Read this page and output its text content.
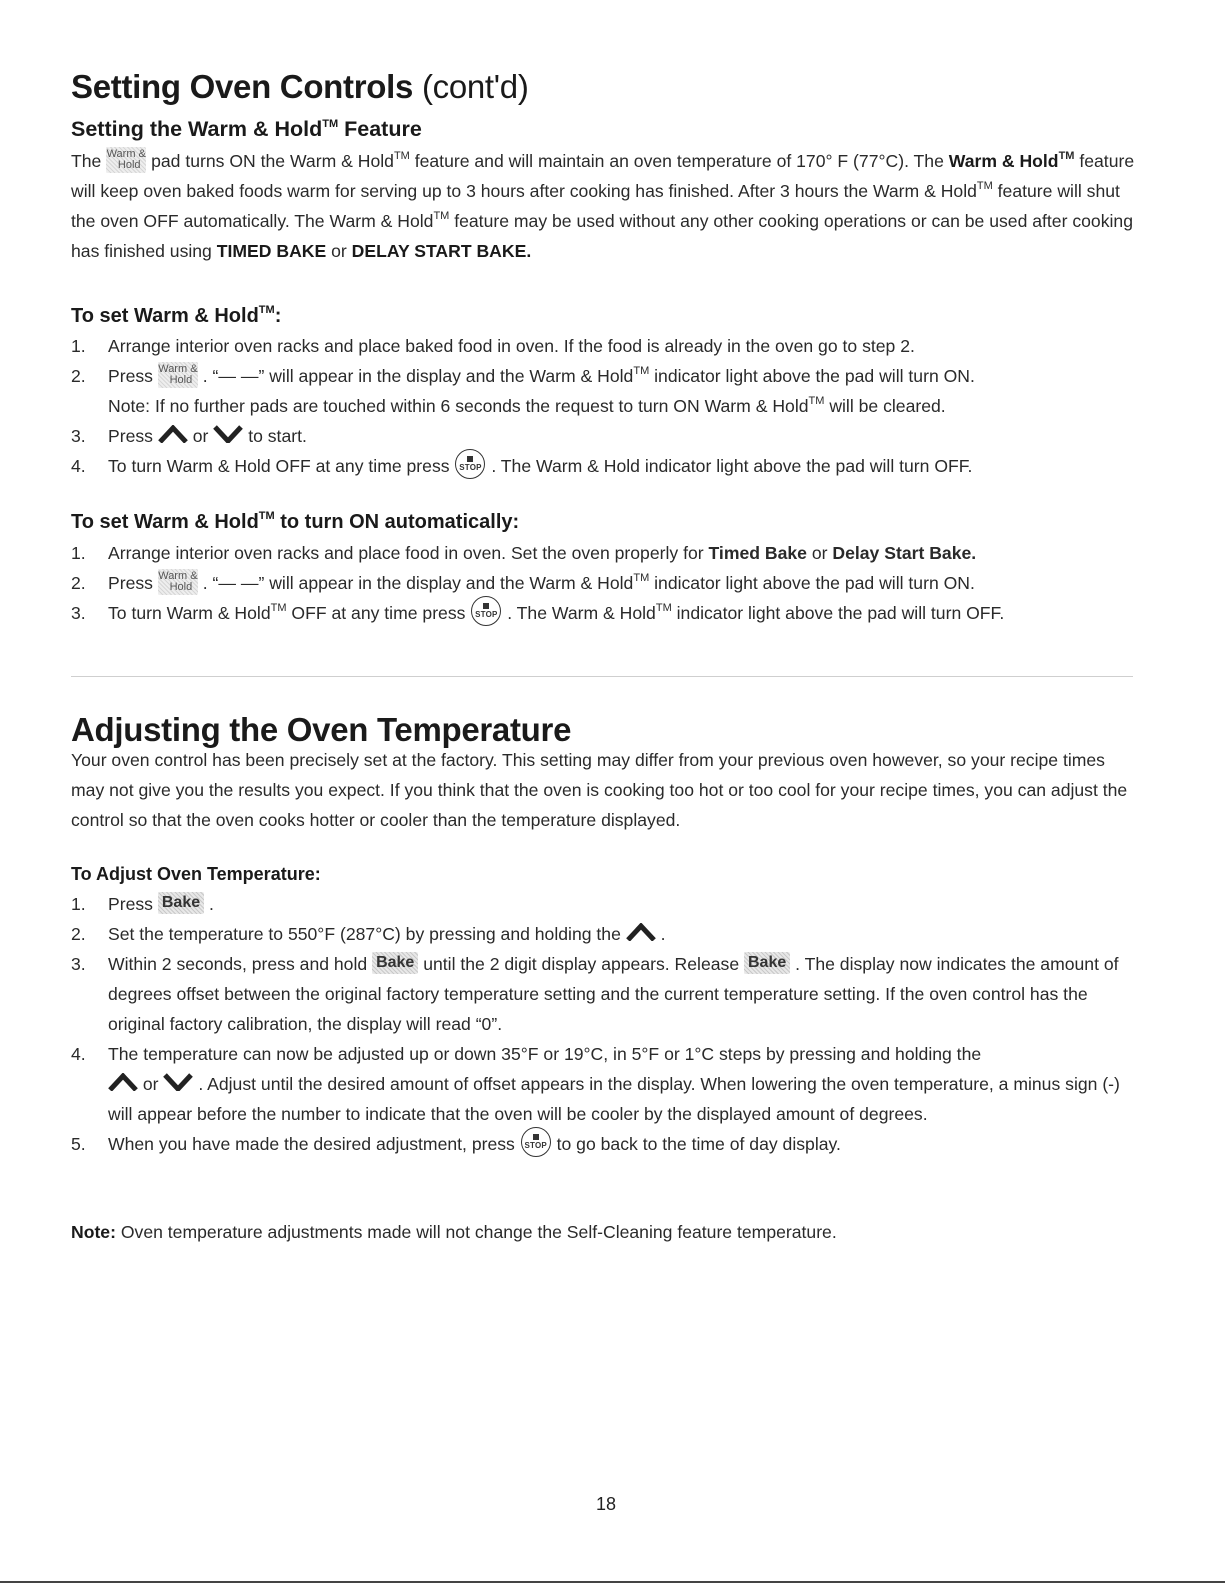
Setting Oven Controls (cont'd)
Setting the Warm & Hold™ Feature
The Warm &
Hold pad turns ON the Warm & Hold™ feature and will maintain an oven temperature of 170° F (77°C). The Warm & Hold™ feature will keep oven baked foods warm for serving up to 3 hours after cooking has finished. After 3 hours the Warm & Hold™ feature will shut the oven OFF automatically. The Warm & Hold™ feature may be used without any other cooking operations or can be used after cooking has finished using TIMED BAKE or DELAY START BAKE.
To set Warm & Hold™:
1. Arrange interior oven racks and place baked food in oven. If the food is already in the oven go to step 2.
2. Press Warm &
Hold . “— —” will appear in the display and the Warm & Hold™ indicator light above the pad will turn ON.
Note: If no further pads are touched within 6 seconds the request to turn ON Warm & Hold™ will be cleared.
3. Press or to start.
4. To turn Warm & Hold OFF at any time press	STOP . The Warm & Hold indicator light above the pad will turn OFF.
To set Warm & Hold™ to turn ON automatically:
1. Arrange interior oven racks and place food in oven. Set the oven properly for Timed Bake or Delay Start Bake.
2. Press Warm &
Hold . “— —” will appear in the display and the Warm & Hold™ indicator light above the pad will turn ON.
3. To turn Warm & Hold™ OFF at any time press	STOP . The Warm & Hold™ indicator light above the pad will turn OFF.
Adjusting the Oven Temperature
Your oven control has been precisely set at the factory. This setting may differ from your previous oven however, so your recipe times may not give you the results you expect. If you think that the oven is cooking too hot or too cool for your recipe times, you can adjust the control so that the oven cooks hotter or cooler than the temperature displayed.
To Adjust Oven Temperature:
1. Press Bake .
2. Set the temperature to 550°F (287°C) by pressing and holding the .
3. Within 2 seconds, press and hold Bake until the 2 digit display appears. Release Bake . The display now indicates the amount of degrees offset between the original factory temperature setting and the current temperature setting. If the oven control has the original factory calibration, the display will read “0”.
4. The temperature can now be adjusted up or down 35°F or 19°C, in 5°F or 1°C steps by pressing and holding the
or . Adjust until the desired amount of offset appears in the display. When lowering the oven temperature, a minus sign (-) will appear before the number to indicate that the oven will be cooler by the displayed amount of degrees.
5. When you have made the desired adjustment, press	STOP to go back to the time of day display.
Note: Oven temperature adjustments made will not change the Self-Cleaning feature temperature.
18
